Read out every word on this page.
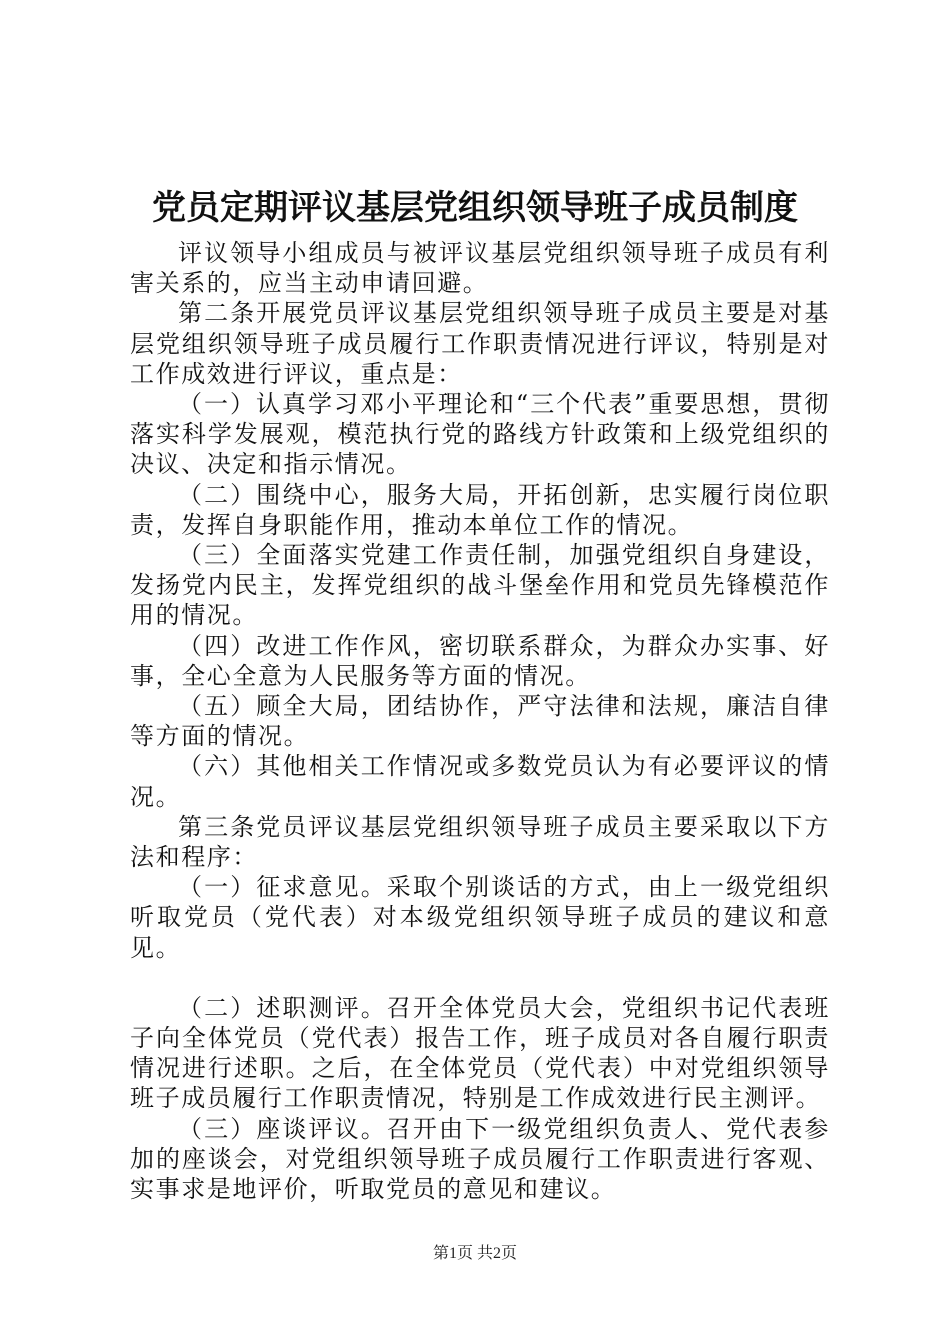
党员定期评议基层党组织领导班子成员制度

评议领导小组成员与被评议基层党组织领导班子成员有利害关系的，应当主动申请回避。

第二条开展党员评议基层党组织领导班子成员主要是对基层党组织领导班子成员履行工作职责情况进行评议，特别是对工作成效进行评议，重点是：

（一）认真学习邓小平理论和“三个代表”重要思想，贯彻落实科学发展观，模范执行党的路线方针政策和上级党组织的决议、决定和指示情况。

（二）围绕中心，服务大局，开拓创新，忠实履行岗位职责，发挥自身职能作用，推动本单位工作的情况。

（三）全面落实党建工作责任制，加强党组织自身建设，发扬党内民主，发挥党组织的战斗堡垒作用和党员先锋模范作用的情况。

（四）改进工作作风，密切联系群众，为群众办实事、好事，全心全意为人民服务等方面的情况。

（五）顾全大局，团结协作，严守法律和法规，廉洁自律等方面的情况。

（六）其他相关工作情况或多数党员认为有必要评议的情况。

第三条党员评议基层党组织领导班子成员主要采取以下方法和程序：

（一）征求意见。采取个别谈话的方式，由上一级党组织听取党员（党代表）对本级党组织领导班子成员的建议和意见。

（二）述职测评。召开全体党员大会，党组织书记代表班子向全体党员（党代表）报告工作，班子成员对各自履行职责情况进行述职。之后，在全体党员（党代表）中对党组织领导班子成员履行工作职责情况，特别是工作成效进行民主测评。

（三）座谈评议。召开由下一级党组织负责人、党代表参加的座谈会，对党组织领导班子成员履行工作职责进行客观、实事求是地评价，听取党员的意见和建议。

第1页 共2页
